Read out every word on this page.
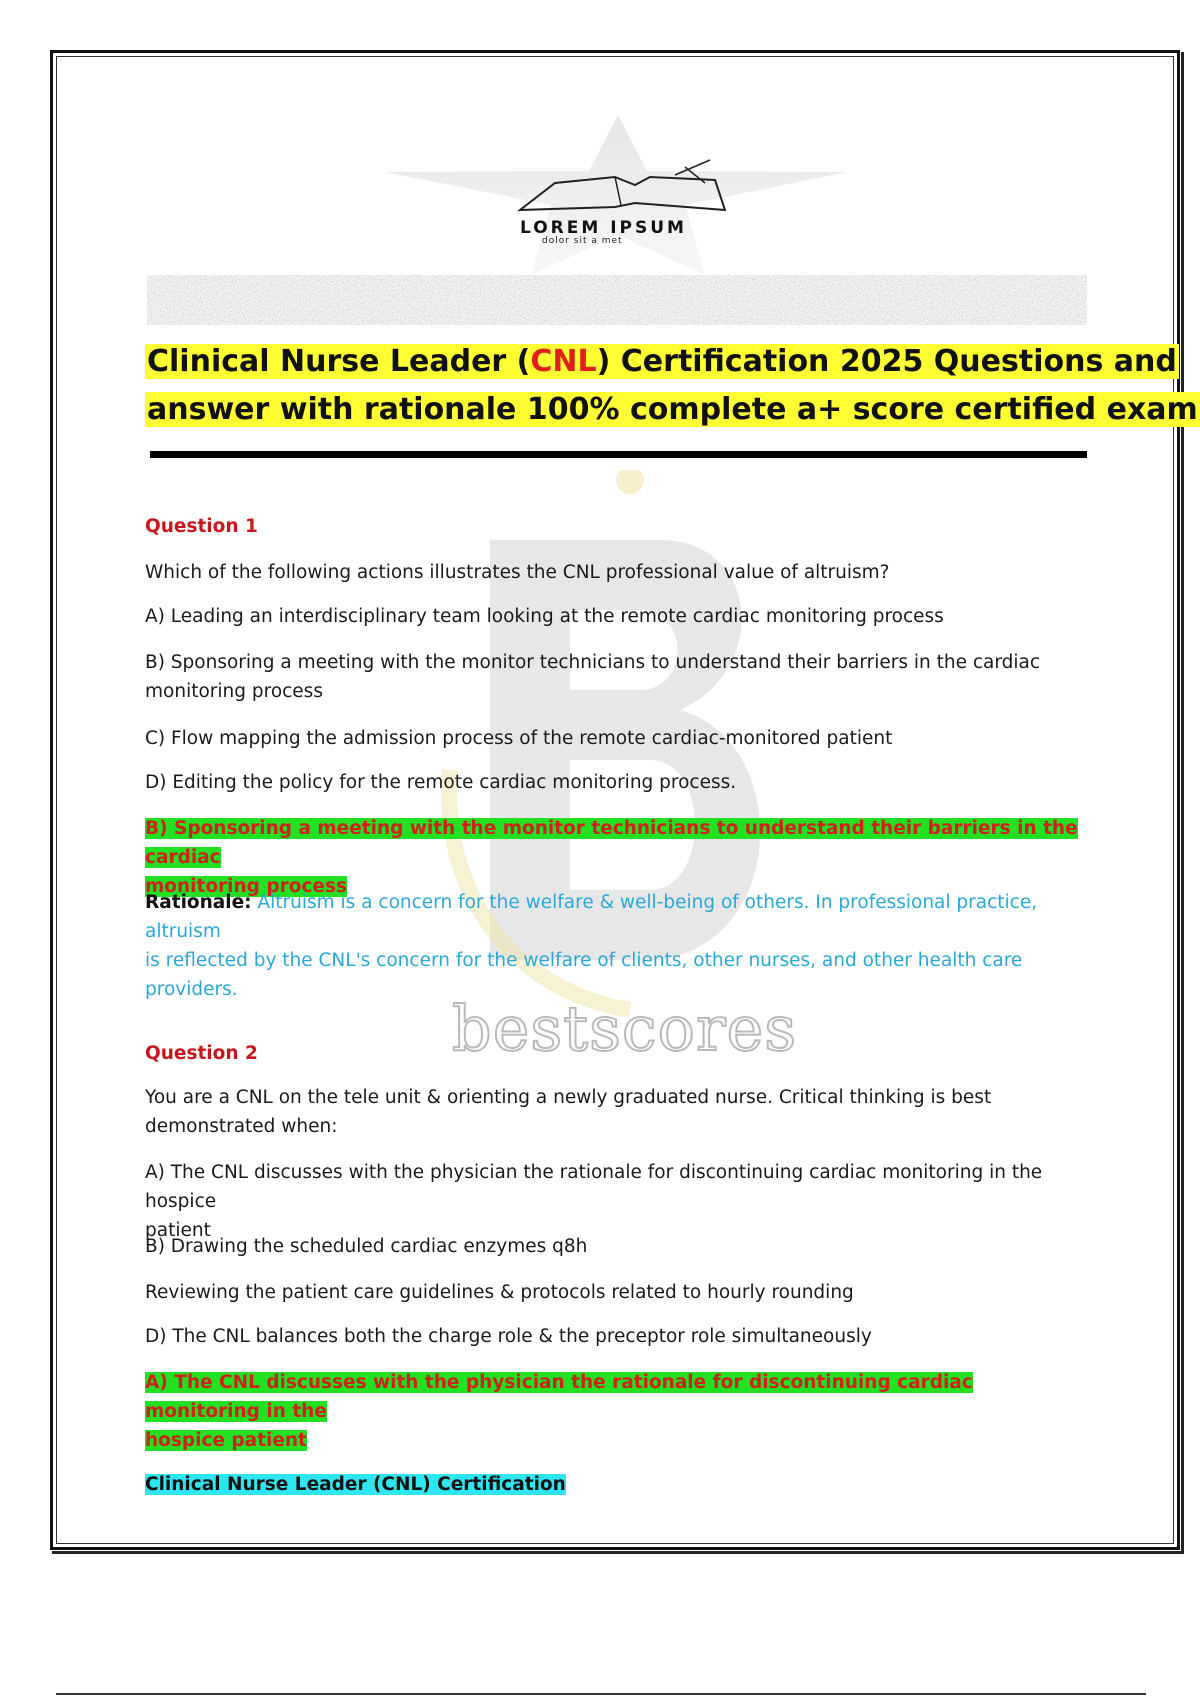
LOREM IPSUM
dolor sit a met
Clinical Nurse Leader (CNL) Certification 2025 Questions and
answer with rationale 100% complete a+ score certified exam
bestscores
Question 1
Which of the following actions illustrates the CNL professional value of altruism?
A) Leading an interdisciplinary team looking at the remote cardiac monitoring process
B) Sponsoring a meeting with the monitor technicians to understand their barriers in the cardiac
monitoring process
C) Flow mapping the admission process of the remote cardiac-monitored patient
D) Editing the policy for the remote cardiac monitoring process.
B) Sponsoring a meeting with the monitor technicians to understand their barriers in the cardiac
monitoring process
Rationale: Altruism is a concern for the welfare & well-being of others. In professional practice, altruism
is reflected by the CNL's concern for the welfare of clients, other nurses, and other health care
providers.
Question 2
You are a CNL on the tele unit & orienting a newly graduated nurse. Critical thinking is best
demonstrated when:
A) The CNL discusses with the physician the rationale for discontinuing cardiac monitoring in the hospice
patient
B) Drawing the scheduled cardiac enzymes q8h
Reviewing the patient care guidelines & protocols related to hourly rounding
D) The CNL balances both the charge role & the preceptor role simultaneously
A) The CNL discusses with the physician the rationale for discontinuing cardiac monitoring in the
hospice patient
Clinical Nurse Leader (CNL) Certification
